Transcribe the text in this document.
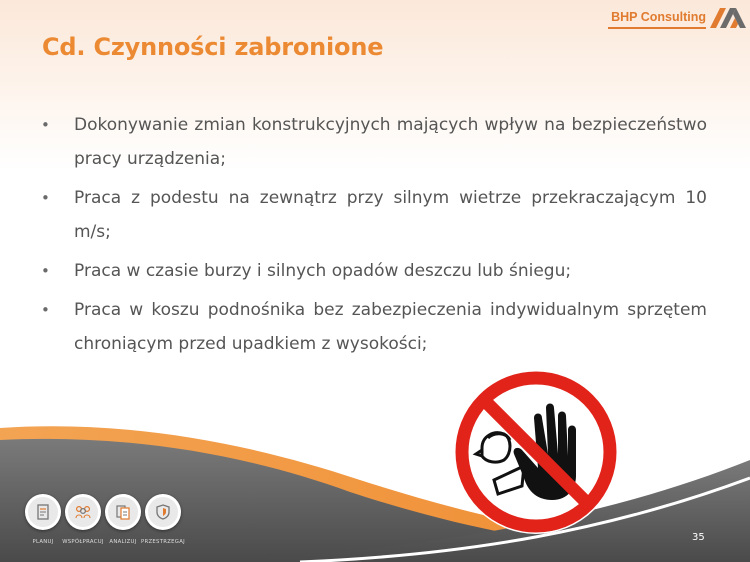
BHP Consulting
Cd. Czynności zabronione
• Dokonywanie zmian konstrukcyjnych mających wpływ na bezpieczeństwo pracy urządzenia;
• Praca z podestu na zewnątrz przy silnym wietrze przekraczającym 10 m/s;
• Praca w czasie burzy i silnych opadów deszczu lub śniegu;
• Praca w koszu podnośnika bez zabezpieczenia indywidualnym sprzętem chroniącym przed upadkiem z wysokości;
PLANUJ	WSPÓŁPRACUJ	ANALIZUJ PRZESTRZEGAJ	35
